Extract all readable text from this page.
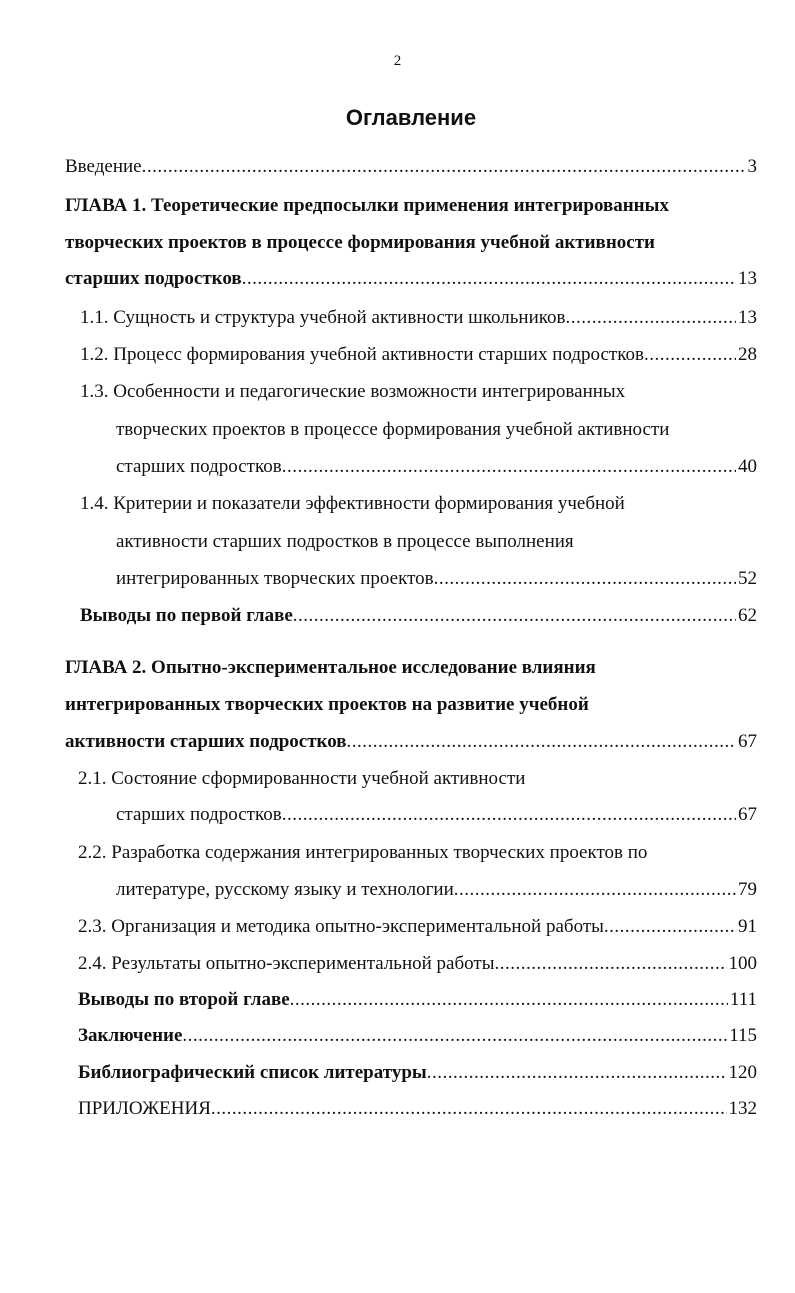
2
Оглавление
Введение .....	3
ГЛАВА 1. Теоретические предпосылки применения интегрированных
творческих проектов в процессе формирования учебной активности
старших подростков .....	13
1.1. Сущность и структура учебной активности школьников .....	13
1.2. Процесс формирования учебной активности старших подростков .....	28
1.3. Особенности и педагогические возможности интегрированных
творческих проектов в процессе формирования учебной активности
старших подростков .....	40
1.4. Критерии и показатели эффективности формирования учебной
активности старших подростков в процессе выполнения
интегрированных творческих проектов .....	52
Выводы по первой главе .....	62
ГЛАВА 2. Опытно-экспериментальное исследование влияния
интегрированных творческих проектов на развитие учебной
активности старших подростков .....	67
2.1. Состояние сформированности учебной активности
старших подростков .....	67
2.2. Разработка содержания интегрированных творческих проектов по
литературе, русскому языку и технологии .....	79
2.3. Организация и методика опытно-экспериментальной работы .....	91
2.4. Результаты опытно-экспериментальной работы .....	100
Выводы по второй главе .....	111
Заключение .....	115
Библиографический список литературы .....	120
ПРИЛОЖЕНИЯ .....	132
